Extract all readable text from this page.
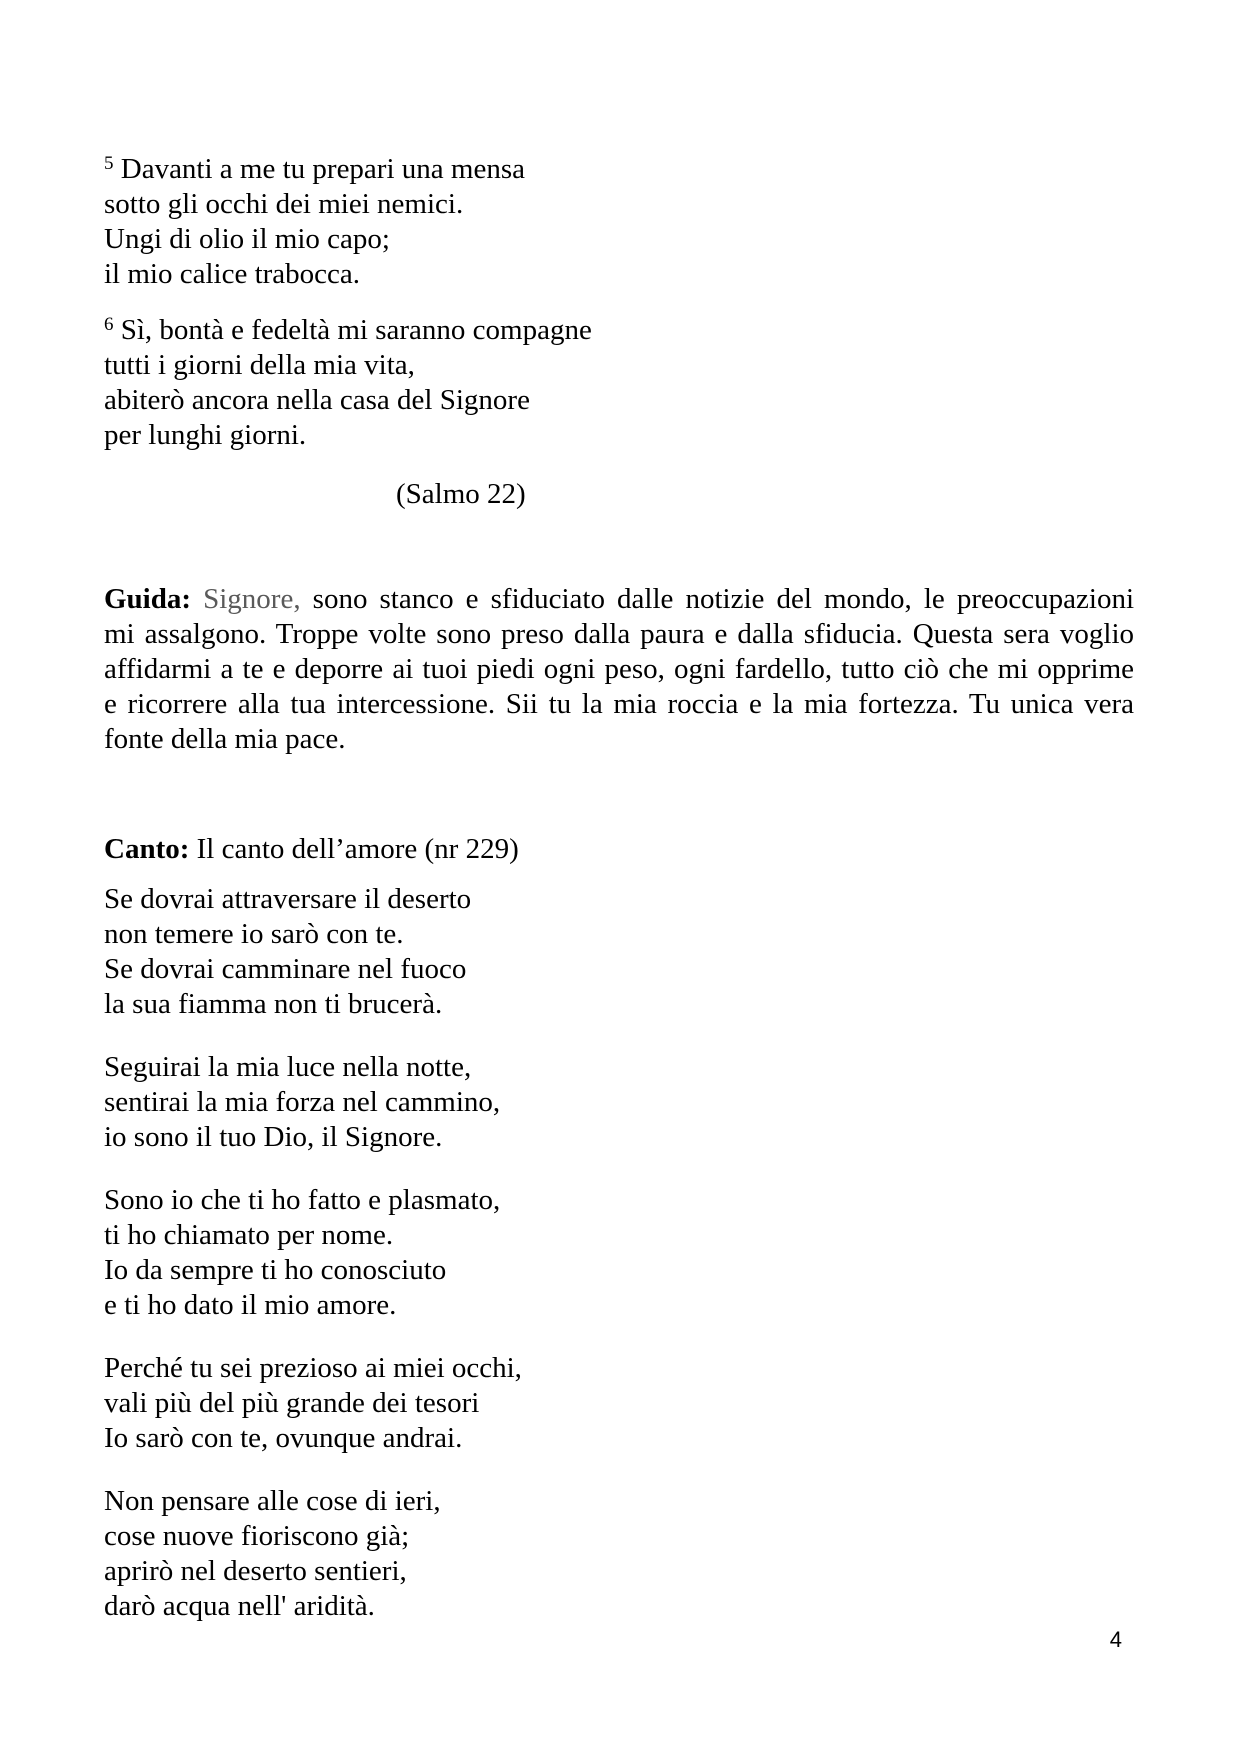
$^5$ Davanti a me tu prepari una mensa
sotto gli occhi dei miei nemici.
Ungi di olio il mio capo;
il mio calice trabocca.
$^6$ Sì, bontà e fedeltà mi saranno compagne
tutti i giorni della mia vita,
abiterò ancora nella casa del Signore
per lunghi giorni.
(Salmo 22)
Guida: Signore, sono stanco e sfiduciato dalle notizie del mondo, le preoccupazioni
mi assalgono. Troppe volte sono preso dalla paura e dalla sfiducia. Questa sera voglio
affidarmi a te e deporre ai tuoi piedi ogni peso, ogni fardello, tutto ciò che mi opprime
e ricorrere alla tua intercessione. Sii tu la mia roccia e la mia fortezza. Tu unica vera
fonte della mia pace.
Canto: Il canto dell’amore (nr 229)
Se dovrai attraversare il deserto
non temere io sarò con te.
Se dovrai camminare nel fuoco
la sua fiamma non ti brucerà.
Seguirai la mia luce nella notte,
sentirai la mia forza nel cammino,
io sono il tuo Dio, il Signore.
Sono io che ti ho fatto e plasmato,
ti ho chiamato per nome.
Io da sempre ti ho conosciuto
e ti ho dato il mio amore.
Perché tu sei prezioso ai miei occhi,
vali più del più grande dei tesori
Io sarò con te, ovunque andrai.
Non pensare alle cose di ieri,
cose nuove fioriscono già;
aprirò nel deserto sentieri,
darò acqua nell' aridità.
4
